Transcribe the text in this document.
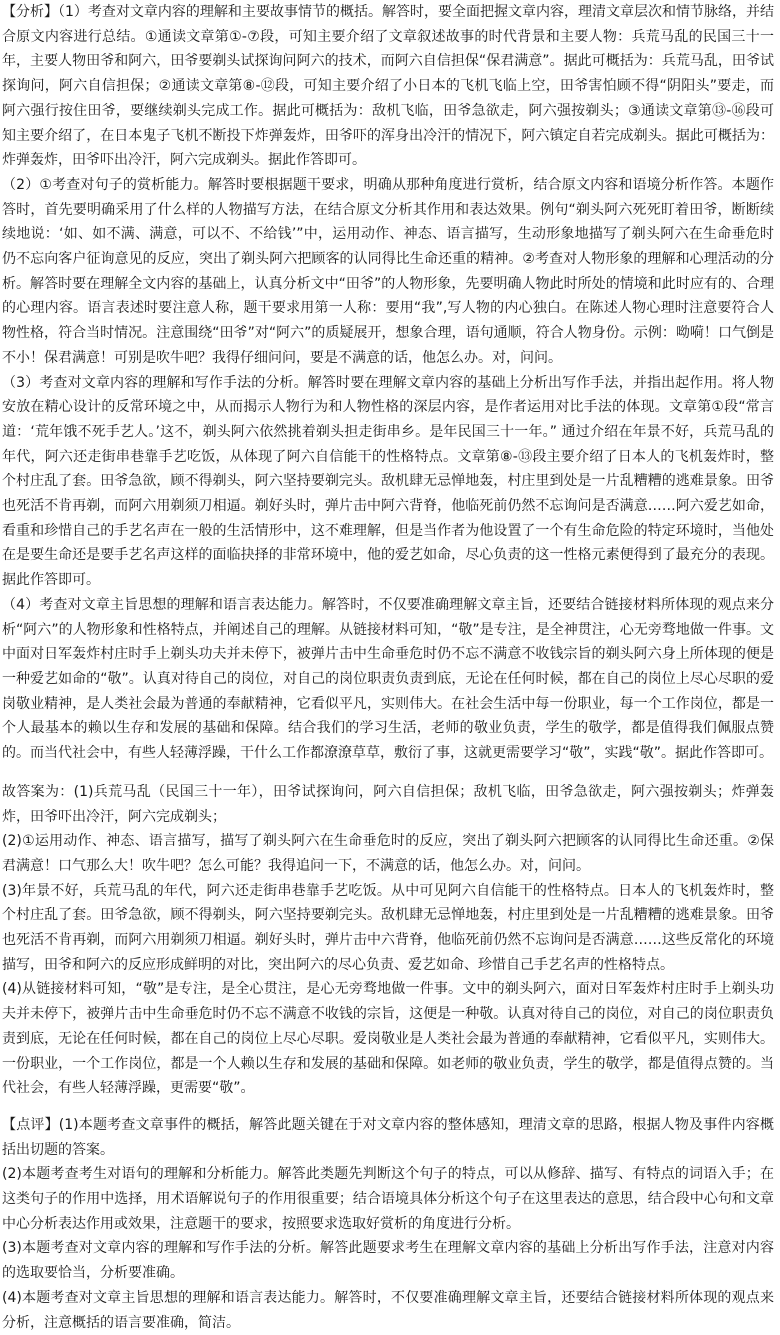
【分析】（1）考查对文章内容的理解和主要故事情节的概括。解答时，要全面把握文章内容，理清文章层次和情节脉络，并结合原文内容进行总结。①通读文章第①-⑦段，可知主要介绍了文章叙述故事的时代背景和主要人物：兵荒马乱的民国三十一年，主要人物田爷和阿六，田爷要剃头试探询问阿六的技术，而阿六自信担保“保君满意”。据此可概括为：兵荒马乱，田爷试探询问，阿六自信担保；②通读文章第⑧-⑫段，可知主要介绍了小日本的飞机飞临上空，田爷害怕顾不得“阴阳头”要走，而阿六强行按住田爷，要继续剃头完成工作。据此可概括为：敌机飞临，田爷急欲走，阿六强按剃头；③通读文章第⑬-⑯段可知主要介绍了，在日本鬼子飞机不断投下炸弹轰炸，田爷吓的浑身出冷汗的情况下，阿六镇定自若完成剃头。据此可概括为：炸弹轰炸，田爷吓出冷汗，阿六完成剃头。据此作答即可。

（2）①考查对句子的赏析能力。解答时要根据题干要求，明确从那种角度进行赏析，结合原文内容和语境分析作答。本题作答时，首先要明确采用了什么样的人物描写方法，在结合原文分析其作用和表达效果。例句“剃头阿六死死盯着田爷，断断续续地说：‘如、如不满、满意，可以不、不给钱’”中，运用动作、神态、语言描写，生动形象地描写了剃头阿六在生命垂危时仍不忘向客户征询意见的反应，突出了剃头阿六把顾客的认同得比生命还重的精神。②考查对人物形象的理解和心理活动的分析。解答时要在理解全文内容的基础上，认真分析文中“田爷”的人物形象，先要明确人物此时所处的情境和此时应有的、合理的心理内容。语言表述时要注意人称，题干要求用第一人称：要用“我”,写人物的内心独白。在陈述人物心理时注意要符合人物性格，符合当时情况。注意围绕“田爷”对“阿六”的质疑展开，想象合理，语句通顺，符合人物身份。示例：呦嗬！口气倒是不小！保君满意！可别是吹牛吧？我得仔细问问，要是不满意的话，他怎么办。对，问问。

（3）考查对文章内容的理解和写作手法的分析。解答时要在理解文章内容的基础上分析出写作手法，并指出起作用。将人物安放在精心设计的反常环境之中，从而揭示人物行为和人物性格的深层内容，是作者运用对比手法的体现。文章第①段“常言道：‘荒年饿不死手艺人。’这不，剃头阿六依然挑着剃头担走街串乡。是年民国三十一年。” 通过介绍在年景不好，兵荒马乱的年代，阿六还走街串巷靠手艺吃饭，从体现了阿六自信能干的性格特点。文章第⑧-⑬段主要介绍了日本人的飞机轰炸时，整个村庄乱了套。田爷急欲，顾不得剃头，阿六坚持要剃完头。敌机肆无忌惮地轰，村庄里到处是一片乱糟糟的逃难景象。田爷也死活不肯再剃，而阿六用剃须刀相逼。剃好头时，弹片击中阿六背脊，他临死前仍然不忘询问是否满意……阿六爱艺如命，看重和珍惜自己的手艺名声在一般的生活情形中，这不难理解，但是当作者为他设置了一个有生命危险的特定环境时，当他处在是要生命还是要手艺名声这样的面临抉择的非常环境中，他的爱艺如命，尽心负责的这一性格元素便得到了最充分的表现。据此作答即可。

（4）考查对文章主旨思想的理解和语言表达能力。解答时，不仅要准确理解文章主旨，还要结合链接材料所体现的观点来分析“阿六”的人物形象和性格特点，并阐述自己的理解。从链接材料可知，“敬”是专注，是全神贯注，心无旁骛地做一件事。文中面对日军轰炸村庄时手上剃头功夫并未停下，被弹片击中生命垂危时仍不忘不满意不收钱宗旨的剃头阿六身上所体现的便是一种爱艺如命的“敬”。认真对待自己的岗位，对自己的岗位职责负责到底，无论在任何时候，都在自己的岗位上尽心尽职的爱岗敬业精神，是人类社会最为普通的奉献精神，它看似平凡，实则伟大。在社会生活中每一份职业，每一个工作岗位，都是一个人最基本的赖以生存和发展的基础和保障。结合我们的学习生活，老师的敬业负责，学生的敬学，都是值得我们佩服点赞的。而当代社会中，有些人轻薄浮躁，干什么工作都潦潦草草，敷衍了事，这就更需要学习“敬”，实践“敬”。据此作答即可。

故答案为：(1)兵荒马乱（民国三十一年），田爷试探询问，阿六自信担保；敌机飞临，田爷急欲走，阿六强按剃头；炸弹轰炸，田爷吓出冷汗，阿六完成剃头；

(2)①运用动作、神态、语言描写，描写了剃头阿六在生命垂危时的反应，突出了剃头阿六把顾客的认同得比生命还重。②保君满意！口气那么大！吹牛吧？怎么可能？我得追问一下，不满意的话，他怎么办。对，问问。

(3)年景不好，兵荒马乱的年代，阿六还走街串巷靠手艺吃饭。从中可见阿六自信能干的性格特点。日本人的飞机轰炸时，整个村庄乱了套。田爷急欲，顾不得剃头，阿六坚持要剃完头。敌机肆无忌惮地轰，村庄里到处是一片乱糟糟的逃难景象。田爷也死活不肯再剃，而阿六用剃须刀相逼。剃好头时，弹片击中六背脊，他临死前仍然不忘询问是否满意……这些反常化的环境描写，田爷和阿六的反应形成鲜明的对比，突出阿六的尽心负责、爱艺如命、珍惜自己手艺名声的性格特点。

(4)从链接材料可知，“敬”是专注，是全心贯注，是心无旁骛地做一件事。文中的剃头阿六，面对日军轰炸村庄时手上剃头功夫并未停下，被弹片击中生命垂危时仍不忘不满意不收钱的宗旨，这便是一种敬。认真对待自己的岗位，对自己的岗位职责负责到底，无论在任何时候，都在自己的岗位上尽心尽职。爱岗敬业是人类社会最为普通的奉献精神，它看似平凡，实则伟大。一份职业，一个工作岗位，都是一个人赖以生存和发展的基础和保障。如老师的敬业负责，学生的敬学，都是值得点赞的。当代社会，有些人轻薄浮躁，更需要“敬”。

【点评】(1)本题考查文章事件的概括，解答此题关键在于对文章内容的整体感知，理清文章的思路，根据人物及事件内容概括出切题的答案。

(2)本题考查考生对语句的理解和分析能力。解答此类题先判断这个句子的特点，可以从修辞、描写、有特点的词语入手；在这类句子的作用中选择，用术语解说句子的作用很重要；结合语境具体分析这个句子在这里表达的意思，结合段中心句和文章中心分析表达作用或效果，注意题干的要求，按照要求选取好赏析的角度进行分析。

(3)本题考查对文章内容的理解和写作手法的分析。解答此题要求考生在理解文章内容的基础上分析出写作手法，注意对内容的选取要恰当，分析要准确。

(4)本题考查对文章主旨思想的理解和语言表达能力。解答时，不仅要准确理解文章主旨，还要结合链接材料所体现的观点来分析，注意概括的语言要准确，简洁。
